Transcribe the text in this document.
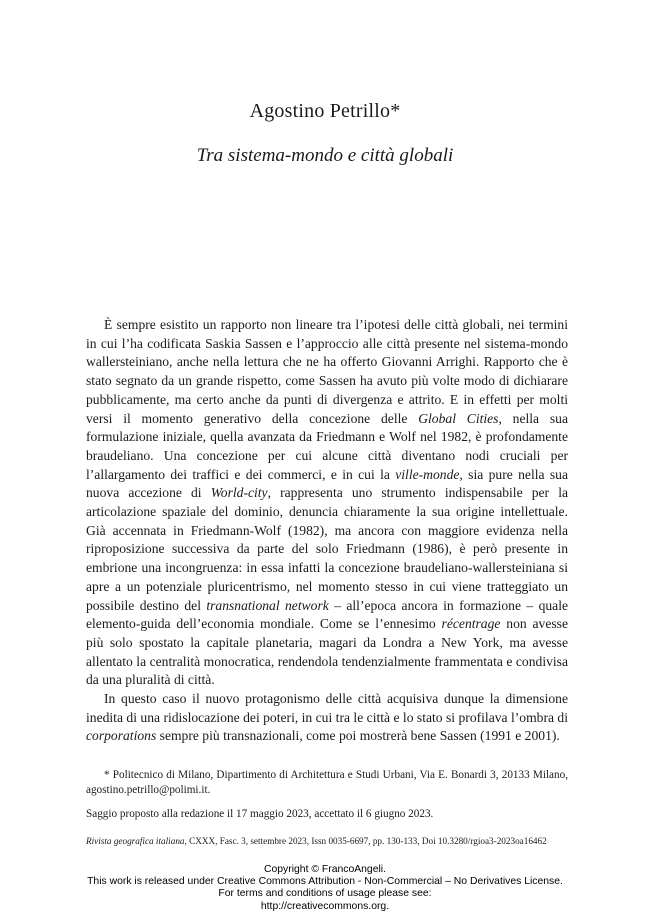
Agostino Petrillo*
Tra sistema-mondo e città globali

È sempre esistito un rapporto non lineare tra l’ipotesi delle città globali, nei termini in cui l’ha codificata Saskia Sassen e l’approccio alle città presente nel sistema-mondo wallersteiniano, anche nella lettura che ne ha offerto Giovanni Arrighi. Rapporto che è stato segnato da un grande rispetto, come Sassen ha avuto più volte modo di dichiarare pubblicamente, ma certo anche da punti di divergenza e attrito. E in effetti per molti versi il momento generativo della concezione delle Global Cities, nella sua formulazione iniziale, quella avanzata da Friedmann e Wolf nel 1982, è profondamente braudeliano. Una concezione per cui alcune città diventano nodi cruciali per l’allargamento dei traffici e dei commerci, e in cui la ville-monde, sia pure nella sua nuova accezione di World-city, rappresenta uno strumento indispensabile per la articolazione spaziale del dominio, denuncia chiaramente la sua origine intellettuale. Già accennata in Friedmann-Wolf (1982), ma ancora con maggiore evidenza nella riproposizione successiva da parte del solo Friedmann (1986), è però presente in embrione una incongruenza: in essa infatti la concezione braudeliano-wallersteiniana si apre a un potenziale pluricentrismo, nel momento stesso in cui viene tratteggiato un possibile destino del transnational network – all’epoca ancora in formazione – quale elemento-guida dell’economia mondiale. Come se l’ennesimo récentrage non avesse più solo spostato la capitale planetaria, magari da Londra a New York, ma avesse allentato la centralità monocratica, rendendola tendenzialmente frammentata e condivisa da una pluralità di città.

In questo caso il nuovo protagonismo delle città acquisiva dunque la dimensione inedita di una ridislocazione dei poteri, in cui tra le città e lo stato si profilava l’ombra di corporations sempre più transnazionali, come poi mostrerà bene Sassen (1991 e 2001).

* Politecnico di Milano, Dipartimento di Architettura e Studi Urbani, Via E. Bonardi 3, 20133 Milano, agostino.petrillo@polimi.it.

Saggio proposto alla redazione il 17 maggio 2023, accettato il 6 giugno 2023.

Rivista geografica italiana, CXXX, Fasc. 3, settembre 2023, Issn 0035-6697, pp. 130-133, Doi 10.3280/rgioa3-2023oa16462
Copyright © FrancoAngeli.
This work is released under Creative Commons Attribution - Non-Commercial – No Derivatives License.
For terms and conditions of usage please see:
http://creativecommons.org.
